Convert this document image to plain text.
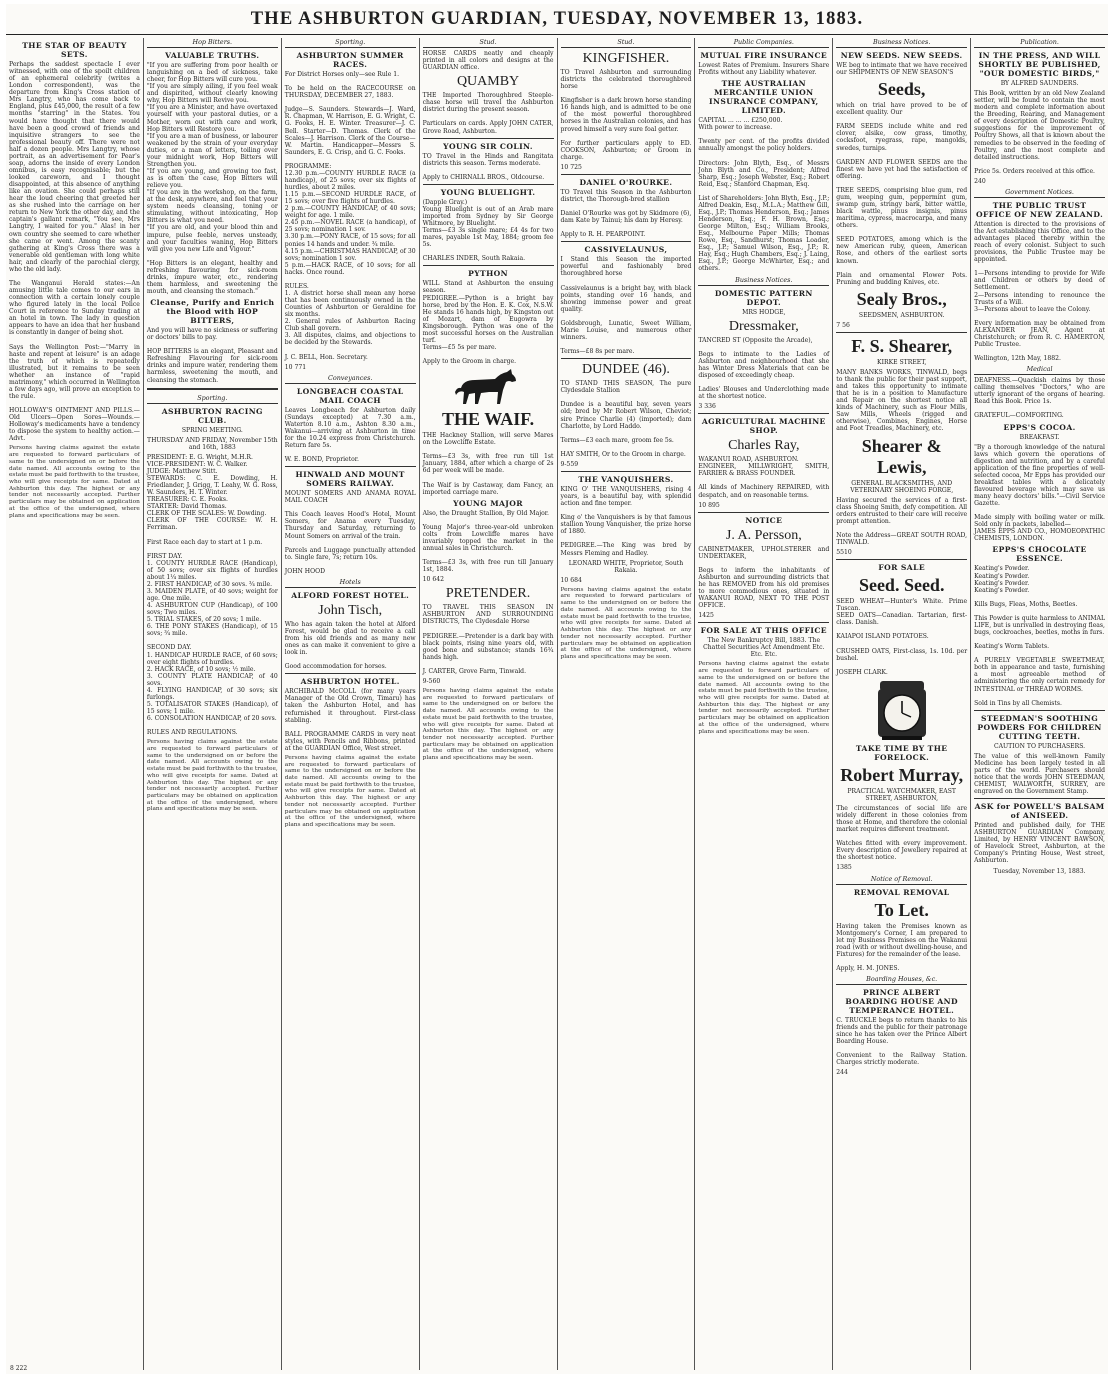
THE ASHBURTON GUARDIAN, TUESDAY, NOVEMBER 13, 1883.
THE STAR OF BEAUTY SETS.
Perhaps the saddest spectacle I ever witnessed, with one of the spoilt children of an ephemeral celebrity (writes a London correspondent), was the departure from King's Cross station of Mrs Langtry, who has come back to England, plus £45,000, the result of a few months "starring" in the States. You would have thought that there would have been a good crowd of friends and inquisitive strangers to see the professional beauty off. There were not half a dozen people. Mrs Langtry, whose portrait, as an advertisement for Pear's soap, adorns the inside of every London omnibus, is easy recognisable; but the looked careworn, and I thought disappointed, at this absence of anything like an ovation. She could perhaps still hear the loud cheering that greeted her as she rushed into the carriage on her return to New York the other day, and the captain's gallant remark, "You see, Mrs Langtry, I waited for you." Alas! in her own country she seemed to care whether she came or went. Among the scanty gathering at King's Cross there was a venerable old gentleman with long white hair, and clearly of the parochial clergy, who the old lady.

The Wanganui Herald states:—An amusing little tale comes to our ears in connection with a certain lonely couple who figured lately in the local Police Court in reference to Sunday trading at an hotel in town. The lady in question appears to have an idea that her husband is constantly in danger of being shot.

Says the Wellington Post:—"Marry in haste and repent at leisure" is an adage the truth of which is repeatedly illustrated, but it remains to be seen whether an instance of "rapid matrimony," which occurred in Wellington a few days ago, will prove an exception to the rule.

HOLLOWAY'S OINTMENT AND PILLS.—Old Ulcers—Open Sores—Wounds.—Holloway's medicaments have a tendency to dispose the system to healthy action.—Advt.
Persons having claims against the estate are requested to forward particulars of same to the undersigned on or before the date named. All accounts owing to the estate must be paid forthwith to the trustee, who will give receipts for same. Dated at Ashburton this day. The highest or any tender not necessarily accepted. Further particulars may be obtained on application at the office of the undersigned, where plans and specifications may be seen.
Hop Bitters.
VALUABLE TRUTHS.
"If you are suffering from poor health or languishing on a bed of sickness, take cheer, for Hop Bitters will cure you.
"If you are simply ailing, if you feel weak and dispirited, without clearly knowing why, Hop Bitters will Revive you.
"If you are a Minister, and have overtaxed yourself with your pastoral duties, or a Mother, worn out with care and work, Hop Bitters will Restore you.
"If you are a man of business, or labourer weakened by the strain of your everyday duties, or a man of letters, toiling over your midnight work, Hop Bitters will Strengthen you.
"If you are young, and growing too fast, as is often the case, Hop Bitters will relieve you.
"If you are in the workshop, on the farm, at the desk, anywhere, and feel that your system needs cleansing, toning or stimulating, without intoxicating, Hop Bitters is what you need.
"If you are old, and your blood thin and impure, pulse feeble, nerves unsteady, and your faculties waning, Hop Bitters will give you new Life and Vigour."

"Hop Bitters is an elegant, healthy and refreshing flavouring for sick-room drinks, impure water, etc., rendering them harmless, and sweetening the mouth, and cleansing the stomach."
Cleanse, Purify and Enrich the Blood with HOP BITTERS,
And you will have no sickness or suffering or doctors' bills to pay.

HOP BITTERS is an elegant, Pleasant and Refreshing Flavouring for sick-room drinks and impure water, rendering them harmless, sweetening the mouth, and cleansing the stomach.
Sporting.
ASHBURTON RACING CLUB.
SPRING MEETING.
THURSDAY AND FRIDAY, November 15th and 16th, 1883
PRESIDENT: E. G. Wright, M.H.R.
VICE-PRESIDENT: W. C. Walker.
JUDGE: Matthew Stitt.
STEWARDS: C. E. Dowding, H. Friedlander, J. Grigg, T. Leahy, W. G. Ross, W. Saunders, H. T. Winter.
TREASURER: C. E. Fooks.
STARTER: David Thomas.
CLERK OF THE SCALES: W. Dowding.
CLERK OF THE COURSE: W. H. Ferriman.

First Race each day to start at 1 p.m.

FIRST DAY.
1. COUNTY HURDLE RACE (Handicap), of 50 sovs; over six flights of hurdles about 1¼ miles.
2. FIRST HANDICAP, of 30 sovs. ¾ mile.
3. MAIDEN PLATE, of 40 sovs; weight for age. One mile.
4. ASHBURTON CUP (Handicap), of 100 sovs; Two miles.
5. TRIAL STAKES, of 20 sovs; 1 mile.
6. THE PONY STAKES (Handicap), of 15 sovs; ¾ mile.

SECOND DAY.
1. HANDICAP HURDLE RACE, of 60 sovs; over eight flights of hurdles.
2. HACK RACE, of 10 sovs; ½ mile.
3. COUNTY PLATE HANDICAP, of 40 sovs.
4. FLYING HANDICAP, of 30 sovs; six furlongs.
5. TOTALISATOR STAKES (Handicap), of 15 sovs; 1 mile.
6. CONSOLATION HANDICAP, of 20 sovs.

RULES AND REGULATIONS.
Persons having claims against the estate are requested to forward particulars of same to the undersigned on or before the date named. All accounts owing to the estate must be paid forthwith to the trustee, who will give receipts for same. Dated at Ashburton this day. The highest or any tender not necessarily accepted. Further particulars may be obtained on application at the office of the undersigned, where plans and specifications may be seen.
Sporting.
ASHBURTON SUMMER RACES.
For District Horses only—see Rule 1.

To be held on the RACECOURSE on THURSDAY, DECEMBER 27, 1883.

Judge—S. Saunders. Stewards—J. Ward, R. Chapman, W. Harrison, E. G. Wright, C. G. Fooks, H. E. Winter. Treasurer—J. C. Bell. Starter—D. Thomas. Clerk of the Scales—J. Harrison. Clerk of the Course—W. Martin. Handicapper—Messrs S. Saunders, E. G. Crisp, and G. C. Fooks.

PROGRAMME:
12.30 p.m.—COUNTY HURDLE RACE (a handicap), of 25 sovs; over six flights of hurdles, about 2 miles.
1.15 p.m.—SECOND HURDLE RACE, of 15 sovs; over five flights of hurdles.
2 p.m.—COUNTY HANDICAP, of 40 sovs; weight for age. 1 mile.
2.45 p.m.—NOVEL RACE (a handicap), of 25 sovs; nomination 1 sov.
3.30 p.m.—PONY RACE, of 15 sovs; for all ponies 14 hands and under. ¾ mile.
4.15 p.m.—CHRISTMAS HANDICAP, of 30 sovs; nomination 1 sov.
5 p.m.—HACK RACE, of 10 sovs; for all hacks. Once round.

RULES.
1. A district horse shall mean any horse that has been continuously owned in the Counties of Ashburton or Geraldine for six months.
2. General rules of Ashburton Racing Club shall govern.
3. All disputes, claims, and objections to be decided by the Stewards.

J. C. BELL, Hon. Secretary.
10 771
Conveyances.
LONGBEACH COASTAL MAIL COACH
Leaves Longbeach for Ashburton daily (Sundays excepted) at 7.30 a.m., Waterton 8.10 a.m., Ashton 8.30 a.m., Wakanui—arriving at Ashburton in time for the 10.24 express from Christchurch. Return fare 5s.

W. E. BOND, Proprietor.
HINWALD AND MOUNT SOMERS RAILWAY.
MOUNT SOMERS AND ANAMA ROYAL MAIL COACH

This Coach leaves Hood's Hotel, Mount Somers, for Anama every Tuesday, Thursday and Saturday, returning to Mount Somers on arrival of the train.

Parcels and Luggage punctually attended to. Single fare, 7s; return 10s.

JOHN HOOD
Hotels
ALFORD FOREST HOTEL.
John Tisch,
Who has again taken the hotel at Alford Forest, would be glad to receive a call from his old friends and as many new ones as can make it convenient to give a look in.

Good accommodation for horses.
ASHBURTON HOTEL.
ARCHIBALD McCOLL (for many years Manager of the Old Crown, Timaru) has taken the Ashburton Hotel, and has refurnished it throughout. First-class stabling.

BALL PROGRAMME CARDS in very neat styles, with Pencils and Ribbons, printed at the GUARDIAN Office, West street.
Persons having claims against the estate are requested to forward particulars of same to the undersigned on or before the date named. All accounts owing to the estate must be paid forthwith to the trustee, who will give receipts for same. Dated at Ashburton this day. The highest or any tender not necessarily accepted. Further particulars may be obtained on application at the office of the undersigned, where plans and specifications may be seen.
Stud.
HORSE CARDS neatly and cheaply printed in all colors and designs at the GUARDIAN office.
QUAMBY
THE Imported Thoroughbred Steeple-chase horse will travel the Ashburton district during the present season.

Particulars on cards. Apply JOHN CATER, Grove Road, Ashburton.
YOUNG SIR COLIN.
TO Travel in the Hinds and Rangitata districts this season. Terms moderate.

Apply to CHIRNALL BROS., Oldcourse.
YOUNG BLUELIGHT.
(Dapple Gray.)
Young Bluelight is out of an Arab mare imported from Sydney by Sir George Whitmore, by Bluelight.
Terms—£3 3s single mare; £4 4s for two mares, payable 1st May, 1884; groom fee 5s.

CHARLES INDER, South Rakaia.
PYTHON
WILL Stand at Ashburton the ensuing season.
PEDIGREE.—Python is a bright bay horse, bred by the Hon. E. K. Cox, N.S.W. He stands 16 hands high, by Kingston out of Mozart, dam of Eugowra by Kingsborough. Python was one of the most successful horses on the Australian turf.
Terms—£5 5s per mare.

Apply to the Groom in charge.
THE WAIF.
THE Hackney Stallion, will serve Mares on the Lowcliffe Estate.

Terms—£3 3s, with free run till 1st January, 1884, after which a charge of 2s 6d per week will be made.

The Waif is by Castaway, dam Fancy, an imported carriage mare.
YOUNG MAJOR
Also, the Draught Stallion, By Old Major.

Young Major's three-year-old unbroken colts from Lowcliffe mares have invariably topped the market in the annual sales in Christchurch.

Terms—£3 3s, with free run till January 1st, 1884.
10 642
PRETENDER.
TO TRAVEL THIS SEASON IN ASHBURTON AND SURROUNDING DISTRICTS, The Clydesdale Horse

PEDIGREE.—Pretender is a dark bay with black points, rising nine years old, with good bone and substance; stands 16¾ hands high.

J. CARTER, Grove Farm, Tinwald.
9-560
Persons having claims against the estate are requested to forward particulars of same to the undersigned on or before the date named. All accounts owing to the estate must be paid forthwith to the trustee, who will give receipts for same. Dated at Ashburton this day. The highest or any tender not necessarily accepted. Further particulars may be obtained on application at the office of the undersigned, where plans and specifications may be seen.
Stud.
KINGFISHER.
TO Travel Ashburton and surrounding districts the celebrated thoroughbred horse

Kingfisher is a dark brown horse standing 16 hands high, and is admitted to be one of the most powerful thoroughbred horses in the Australian colonies, and has proved himself a very sure foal getter.

For further particulars apply to ED. COOKSON, Ashburton; or Groom in charge.
10 725
DANIEL O'ROURKE.
TO Travel this Season in the Ashburton district, the Thorough-bred stallion

Daniel O'Rourke was got by Skidmore (6), dam Kate by Tainui; his dam by Heresy.

Apply to R. H. PEARPOINT.
CASSIVELAUNUS,
I Stand this Season the imported powerful and fashionably bred thoroughbred horse

Cassivelaunus is a bright bay, with black points, standing over 16 hands, and showing immense power and great quality.

Goldsbrough, Lunatic, Sweet William, Marie Louise, and numerous other winners.

Terms—£8 8s per mare.
DUNDEE (46).
TO STAND THIS SEASON, The pure Clydesdale Stallion

Dundee is a beautiful bay, seven years old; bred by Mr Robert Wilson, Cheviot; sire Prince Charlie (4) (imported); dam Charlotte, by Lord Haddo.

Terms—£3 each mare, groom fee 5s.

HAY SMITH, Or to the Groom in charge.
9-559
THE VANQUISHERS.
KING O' THE VANQUISHERS, rising 4 years, is a beautiful bay, with splendid action and fine temper.

King o' the Vanquishers is by that famous stallion Young Vanquisher, the prize horse of 1880.

PEDIGREE.—The King was bred by Messrs Fleming and Hadley.
LEONARD WHITE, Proprietor, South Rakaia.
10 684
Persons having claims against the estate are requested to forward particulars of same to the undersigned on or before the date named. All accounts owing to the estate must be paid forthwith to the trustee, who will give receipts for same. Dated at Ashburton this day. The highest or any tender not necessarily accepted. Further particulars may be obtained on application at the office of the undersigned, where plans and specifications may be seen.
Public Companies.
MUTUAL FIRE INSURANCE
Lowest Rates of Premium. Insurers Share Profits without any Liability whatever.
THE AUSTRALIAN MERCANTILE UNION INSURANCE COMPANY, LIMITED.
CAPITAL ... ... ... £250,000.
With power to increase.

Twenty per cent. of the profits divided annually amongst the policy holders.

Directors: John Blyth, Esq., of Messrs John Blyth and Co., President; Alfred Sharp, Esq.; Joseph Webster, Esq.; Robert Reid, Esq.; Stanford Chapman, Esq.

List of Shareholders: John Blyth, Esq., J.P.; Alfred Deakin, Esq., M.L.A.; Matthew Gill, Esq., J.P.; Thomas Henderson, Esq.; James Henderson, Esq.; F. H. Brown, Esq.; George Milton, Esq.; William Brooks, Esq., Melbourne Paper Mills; Thomas Rowe, Esq., Sandhurst; Thomas Loader, Esq., J.P.; Samuel Wilson, Esq., J.P.; R. Hay, Esq.; Hugh Chambers, Esq.; J. Laing, Esq., J.P.; George McWhirter, Esq.; and others.
Business Notices.
DOMESTIC PATTERN DEPOT.
MRS HODGE,
Dressmaker,
TANCRED ST (Opposite the Arcade),

Begs to intimate to the Ladies of Ashburton and neighbourhood that she has Winter Dress Materials that can be disposed of exceedingly cheap.

Ladies' Blouses and Underclothing made at the shortest notice.
3 336
AGRICULTURAL MACHINE SHOP.
Charles Ray,
WAKANUI ROAD, ASHBURTON.
ENGINEER, MILLWRIGHT, SMITH, FARRIER & BRASS FOUNDER.

All kinds of Machinery REPAIRED, with despatch, and on reasonable terms.
10 895
NOTICE
J. A. Persson,
CABINETMAKER, UPHOLSTERER and UNDERTAKER,

Begs to inform the inhabitants of Ashburton and surrounding districts that he has REMOVED from his old premises to more commodious ones, situated in WAKANUI ROAD, NEXT TO THE POST OFFICE.
1425
FOR SALE AT THIS OFFICE
The New Bankruptcy Bill, 1883. The Chattel Securities Act Amendment Etc. Etc. Etc.
Persons having claims against the estate are requested to forward particulars of same to the undersigned on or before the date named. All accounts owing to the estate must be paid forthwith to the trustee, who will give receipts for same. Dated at Ashburton this day. The highest or any tender not necessarily accepted. Further particulars may be obtained on application at the office of the undersigned, where plans and specifications may be seen.
Business Notices.
NEW SEEDS. NEW SEEDS.
WE beg to intimate that we have received our SHIPMENTS OF NEW SEASON'S
Seeds,
which on trial have proved to be of excellent quality. Our

FARM SEEDS include white and red clover, alsike, cow grass, timothy, cocksfoot, ryegrass, rape, mangolds, swedes, turnips.

GARDEN AND FLOWER SEEDS are the finest we have yet had the satisfaction of offering.

TREE SEEDS, comprising blue gum, red gum, weeping gum, peppermint gum, swamp gum, stringy bark, bitter wattle, black wattle, pinus insignis, pinus maritima, cypress, macrocarpa, and many others.

SEED POTATOES, among which is the new American ruby, queen, American Rose, and others of the earliest sorts known.

Plain and ornamental Flower Pots. Pruning and budding Knives, etc.
Sealy Bros.,
SEEDSMEN, ASHBURTON.
7 56
F. S. Shearer,
KIRKE STREET,
MANY BANKS WORKS, TINWALD, begs to thank the public for their past support, and takes this opportunity to intimate that he is in a position to Manufacture and Repair on the shortest notice all kinds of Machinery, such as Flour Mills, Saw Mills, Wheels (rigged and otherwise), Combines, Engines, Horse and Foot Treadles, Machinery, etc.
Shearer & Lewis,
GENERAL BLACKSMITHS, AND VETERINARY SHOEING FORGE,
Having secured the services of a first-class Shoeing Smith, defy competition. All orders entrusted to their care will receive prompt attention.

Note the Address—GREAT SOUTH ROAD, TINWALD.
5510
FOR SALE
Seed. Seed.
SEED WHEAT—Hunter's White. Prime Tuscan.
SEED OATS—Canadian. Tartarian, first-class. Danish.

KAIAPOI ISLAND POTATOES.

CRUSHED OATS, First-class, 1s. 10d. per bushel.

JOSEPH CLARK.
TAKE TIME BY THE FORELOCK.
Robert Murray,
PRACTICAL WATCHMAKER, EAST STREET, ASHBURTON,
The circumstances of social life are widely different in those colonies from those at Home, and therefore the colonial market requires different treatment.

Watches fitted with every improvement. Every description of Jewellery repaired at the shortest notice.
1385
Notice of Removal.
REMOVAL REMOVAL
To Let.
Having taken the Premises known as Montgomery's Corner, I am prepared to let my Business Premises on the Wakanui road (with or without dwelling-house, and Fixtures) for the remainder of the lease.

Apply, H. M. JONES.
Boarding Houses, &c.
PRINCE ALBERT BOARDING HOUSE AND TEMPERANCE HOTEL.
C. TRUCKLE begs to return thanks to his friends and the public for their patronage since he has taken over the Prince Albert Boarding House.

Convenient to the Railway Station. Charges strictly moderate.
244
Publication.
IN THE PRESS, AND WILL SHORTLY BE PUBLISHED, "OUR DOMESTIC BIRDS,"
BY ALFRED SAUNDERS.
This Book, written by an old New Zealand settler, will be found to contain the most modern and complete information about the Breeding, Rearing, and Management of every description of Domestic Poultry, suggestions for the improvement of Poultry Shows, all that is known about the remedies to be observed in the feeding of Poultry, and the most complete and detailed instructions.

Price 5s. Orders received at this office.
240
Government Notices.
THE PUBLIC TRUST OFFICE OF NEW ZEALAND.
Attention is directed to the provisions of the Act establishing this Office, and to the advantages placed thereby within the reach of every colonist. Subject to such provisions, the Public Trustee may be appointed.

1—Persons intending to provide for Wife and Children or others by deed of Settlement.
2—Persons intending to renounce the Trusts of a Will.
3—Persons about to leave the Colony.

Every information may be obtained from ALEXANDER JEAN, Agent at Christchurch; or from R. C. HAMERTON, Public Trustee.

Wellington, 12th May, 1882.
Medical
DEAFNESS.—Quackish claims by those calling themselves "Doctors," who are utterly ignorant of the organs of hearing. Read this Book. Price 1s.

GRATEFUL—COMFORTING.
EPPS'S COCOA.
BREAKFAST.
"By a thorough knowledge of the natural laws which govern the operations of digestion and nutrition, and by a careful application of the fine properties of well-selected cocoa, Mr Epps has provided our breakfast tables with a delicately flavoured beverage which may save us many heavy doctors' bills."—Civil Service Gazette.

Made simply with boiling water or milk. Sold only in packets, labelled—
JAMES EPPS AND CO., HOMOEOPATHIC CHEMISTS, LONDON.
EPPS'S CHOCOLATE ESSENCE.
Keating's Powder.
Keating's Powder.
Keating's Powder.
Keating's Powder.

Kills Bugs, Fleas, Moths, Beetles.

This Powder is quite harmless to ANIMAL LIFE, but is unrivalled in destroying fleas, bugs, cockroaches, beetles, moths in furs.

Keating's Worm Tablets.

A PURELY VEGETABLE SWEETMEAT, both in appearance and taste, furnishing a most agreeable method of administering the only certain remedy for INTESTINAL or THREAD WORMS.

Sold in Tins by all Chemists.
STEEDMAN'S SOOTHING POWDERS FOR CHILDREN CUTTING TEETH.
CAUTION TO PURCHASERS.
The value of this well-known Family Medicine has been largely tested in all parts of the world. Purchasers should notice that the words JOHN STEEDMAN, CHEMIST, WALWORTH, SURREY, are engraved on the Government Stamp.
ASK for POWELL'S BALSAM of ANISEED.
Printed and published daily, for THE ASHBURTON GUARDIAN Company, Limited, by HENRY VINCENT BAWSON, of Havelock Street, Ashburton, at the Company's Printing House, West street, Ashburton.
Tuesday, November 13, 1883.
8 222
